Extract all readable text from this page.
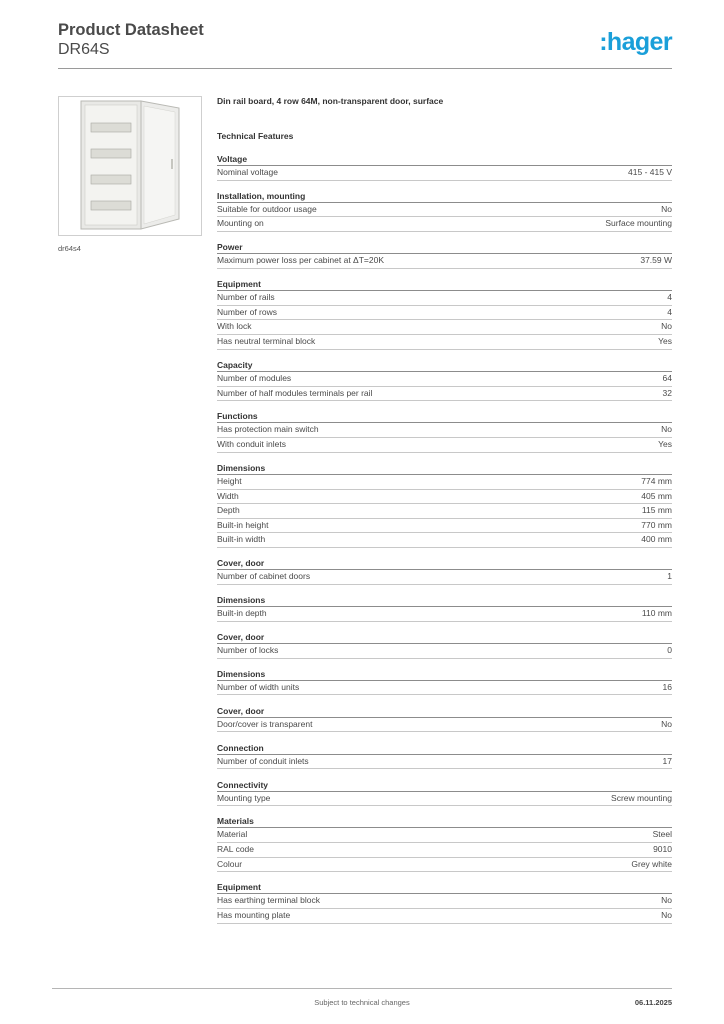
Product Datasheet
DR64S	:hager
dr64s4
Din rail board, 4 row 64M, non-transparent door, surface
Technical Features
Voltage
Nominal voltage	415 - 415 V
Installation, mounting
Suitable for outdoor usage	No
Mounting on	Surface mounting
Power
Maximum power loss per cabinet at ΔT=20K	37.59 W
Equipment
Number of rails	4
Number of rows	4
With lock	No
Has neutral terminal block	Yes
Capacity
Number of modules	64
Number of half modules terminals per rail	32
Functions
Has protection main switch	No
With conduit inlets	Yes
Dimensions
Height	774 mm
Width	405 mm
Depth	115 mm
Built-in height	770 mm
Built-in width	400 mm
Cover, door
Number of cabinet doors	1
Dimensions
Built-in depth	110 mm
Cover, door
Number of locks	0
Dimensions
Number of width units	16
Cover, door
Door/cover is transparent	No
Connection
Number of conduit inlets	17
Connectivity
Mounting type	Screw mounting
Materials
Material	Steel
RAL code	9010
Colour	Grey white
Equipment
Has earthing terminal block	No
Has mounting plate	No
Subject to technical changes	06.11.2025
